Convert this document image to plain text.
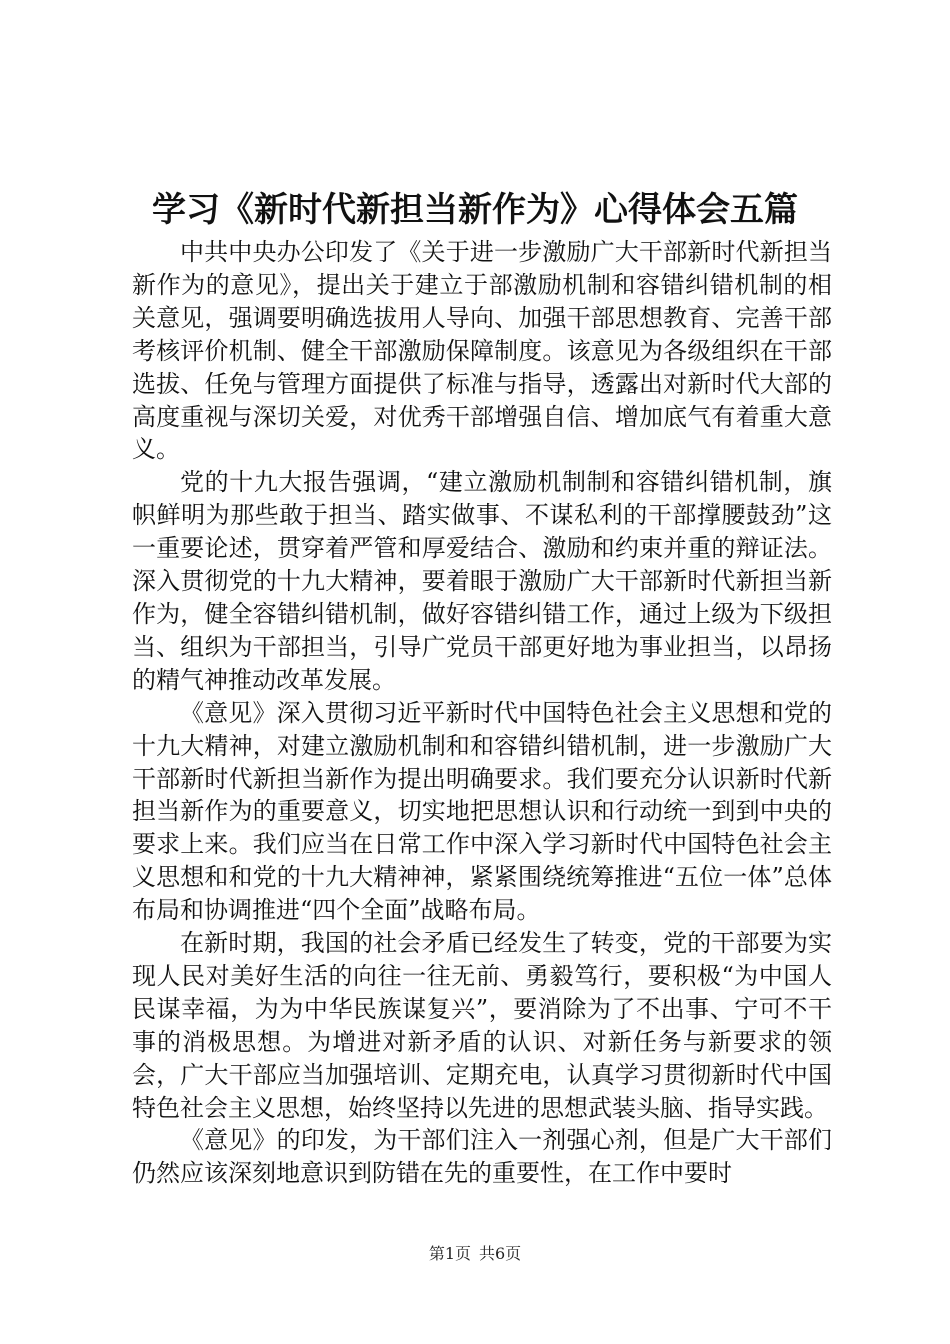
学习《新时代新担当新作为》心得体会五篇

中共中央办公印发了《关于进一步激励广大干部新时代新担当新作为的意见》，提出关于建立于部激励机制和容错纠错机制的相关意见，强调要明确选拔用人导向、加强干部思想教育、完善干部考核评价机制、健全干部激励保障制度。该意见为各级组织在干部选拔、任免与管理方面提供了标准与指导，透露出对新时代大部的高度重视与深切关爱，对优秀干部增强自信、增加底气有着重大意义。

党的十九大报告强调，“建立激励机制制和容错纠错机制，旗帜鲜明为那些敢于担当、踏实做事、不谋私利的干部撑腰鼓劲”这一重要论述，贯穿着严管和厚爱结合、激励和约束并重的辩证法。深入贯彻党的十九大精神，要着眼于激励广大干部新时代新担当新作为，健全容错纠错机制，做好容错纠错工作，通过上级为下级担当、组织为干部担当，引导广党员干部更好地为事业担当，以昂扬的精气神推动改革发展。

《意见》深入贯彻习近平新时代中国特色社会主义思想和党的十九大精神，对建立激励机制和和容错纠错机制，进一步激励广大干部新时代新担当新作为提出明确要求。我们要充分认识新时代新担当新作为的重要意义，切实地把思想认识和行动统一到到中央的要求上来。我们应当在日常工作中深入学习新时代中国特色社会主义思想和和党的十九大精神神，紧紧围绕统筹推进“五位一体”总体布局和协调推进“四个全面”战略布局。

在新时期，我国的社会矛盾已经发生了转变，党的干部要为实现人民对美好生活的向往一往无前、勇毅笃行，要积极“为中国人民谋幸福，为为中华民族谋复兴”，要消除为了不出事、宁可不干事的消极思想。为增进对新矛盾的认识、对新任务与新要求的领会，广大干部应当加强培训、定期充电，认真学习贯彻新时代中国特色社会主义思想，始终坚持以先进的思想武装头脑、指导实践。

《意见》的印发，为干部们注入一剂强心剂，但是广大干部们仍然应该深刻地意识到防错在先的重要性，在工作中要时

第1页 共6页
